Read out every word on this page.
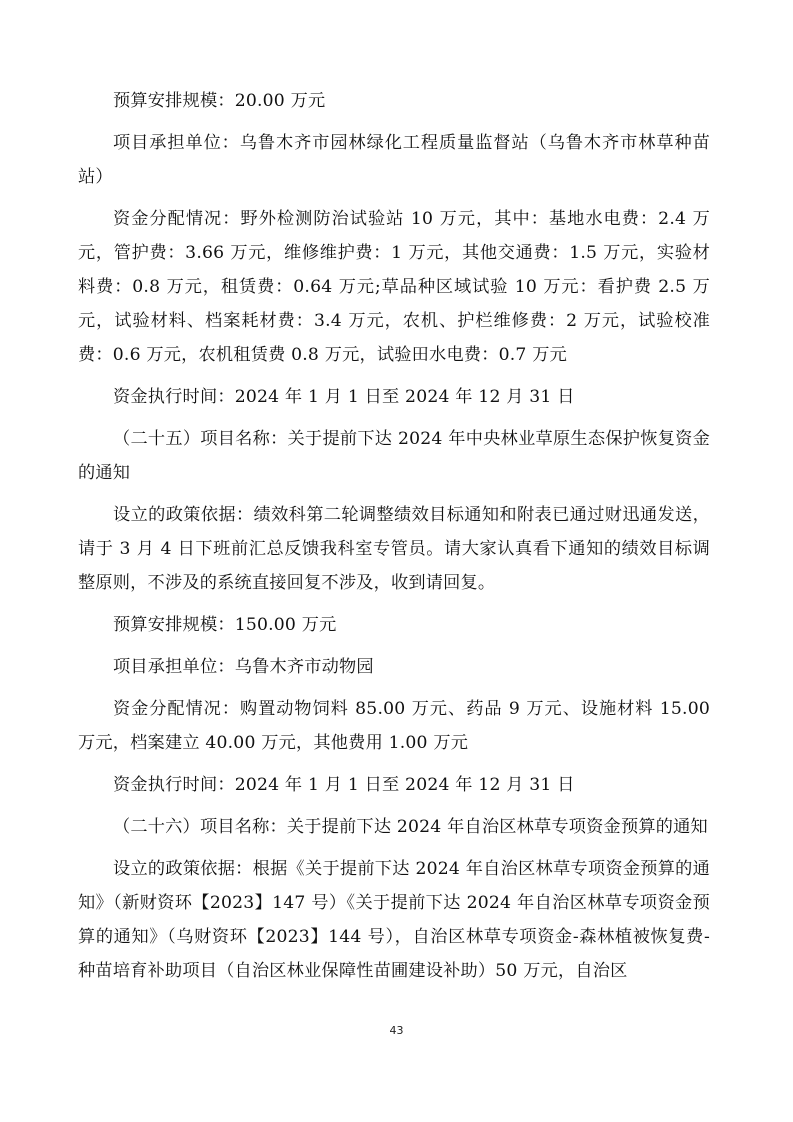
预算安排规模：20.00 万元

项目承担单位：乌鲁木齐市园林绿化工程质量监督站（乌鲁木齐市林草种苗站）

资金分配情况：野外检测防治试验站 10 万元，其中：基地水电费：2.4 万元，管护费：3.66 万元，维修维护费：1 万元，其他交通费：1.5 万元，实验材料费：0.8 万元，租赁费：0.64 万元;草品种区域试验 10 万元：看护费 2.5 万元，试验材料、档案耗材费：3.4 万元，农机、护栏维修费：2 万元，试验校准费：0.6 万元，农机租赁费 0.8 万元，试验田水电费：0.7 万元

资金执行时间：2024 年 1 月 1 日至 2024 年 12 月 31 日

（二十五）项目名称：关于提前下达 2024 年中央林业草原生态保护恢复资金的通知

设立的政策依据：绩效科第二轮调整绩效目标通知和附表已通过财迅通发送，请于 3 月 4 日下班前汇总反馈我科室专管员。请大家认真看下通知的绩效目标调整原则，不涉及的系统直接回复不涉及，收到请回复。

预算安排规模：150.00 万元

项目承担单位：乌鲁木齐市动物园

资金分配情况：购置动物饲料 85.00 万元、药品 9 万元、设施材料 15.00 万元，档案建立 40.00 万元，其他费用 1.00 万元

资金执行时间：2024 年 1 月 1 日至 2024 年 12 月 31 日

（二十六）项目名称：关于提前下达 2024 年自治区林草专项资金预算的通知

设立的政策依据：根据《关于提前下达 2024 年自治区林草专项资金预算的通知》（新财资环【2023】147 号）《关于提前下达 2024 年自治区林草专项资金预算的通知》（乌财资环【2023】144 号），自治区林草专项资金-森林植被恢复费-种苗培育补助项目（自治区林业保障性苗圃建设补助）50 万元，自治区

43
